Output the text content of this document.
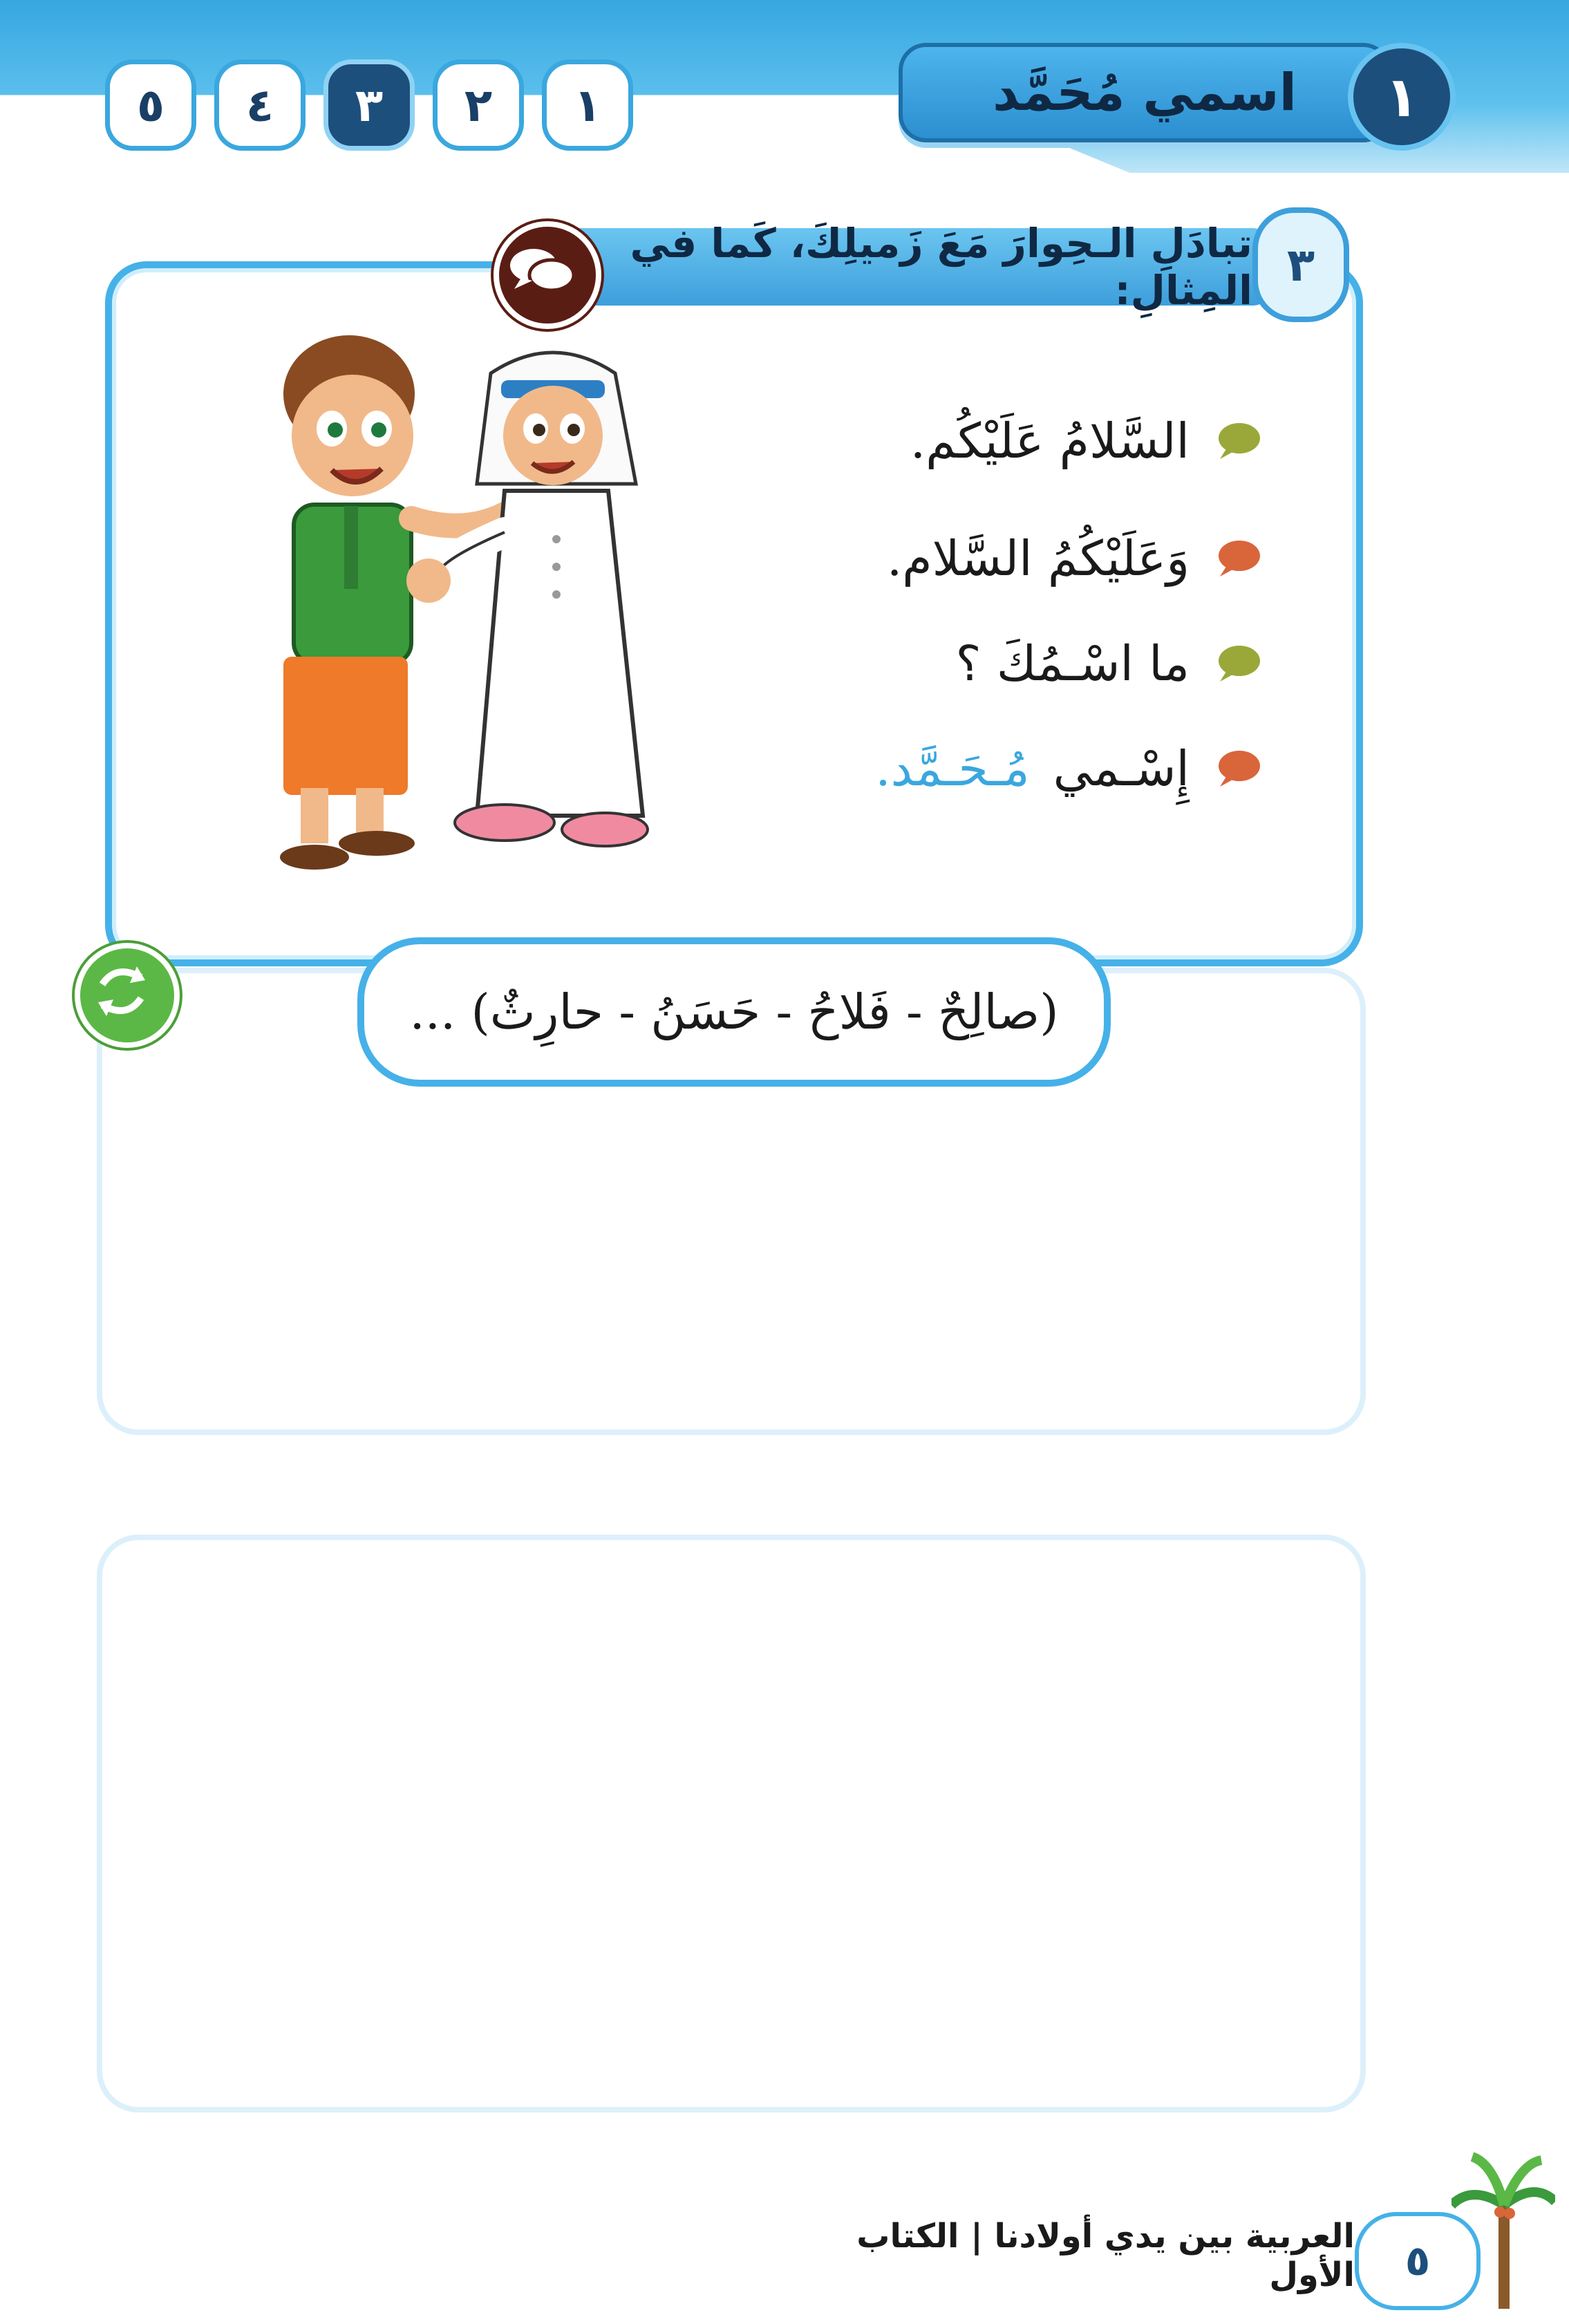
٥	٤	٣	٢	١	اسمي مُحَمَّد	١
تبادَلِ الـحِوارَ مَعَ زَميلِكَ، كَما في المِثالِ: ٣
السَّلامُ عَلَيْكُم.
وَعَلَيْكُمُ السَّلام.
ما اسْـمُكَ ؟
إِسْـمي
مُـحَـمَّد.
(صالِحٌ - فَلاحُ - حَسَنُ - حارِثٌ) ...
العربية بين يدي أولادنا | الكتاب الأول	٥
